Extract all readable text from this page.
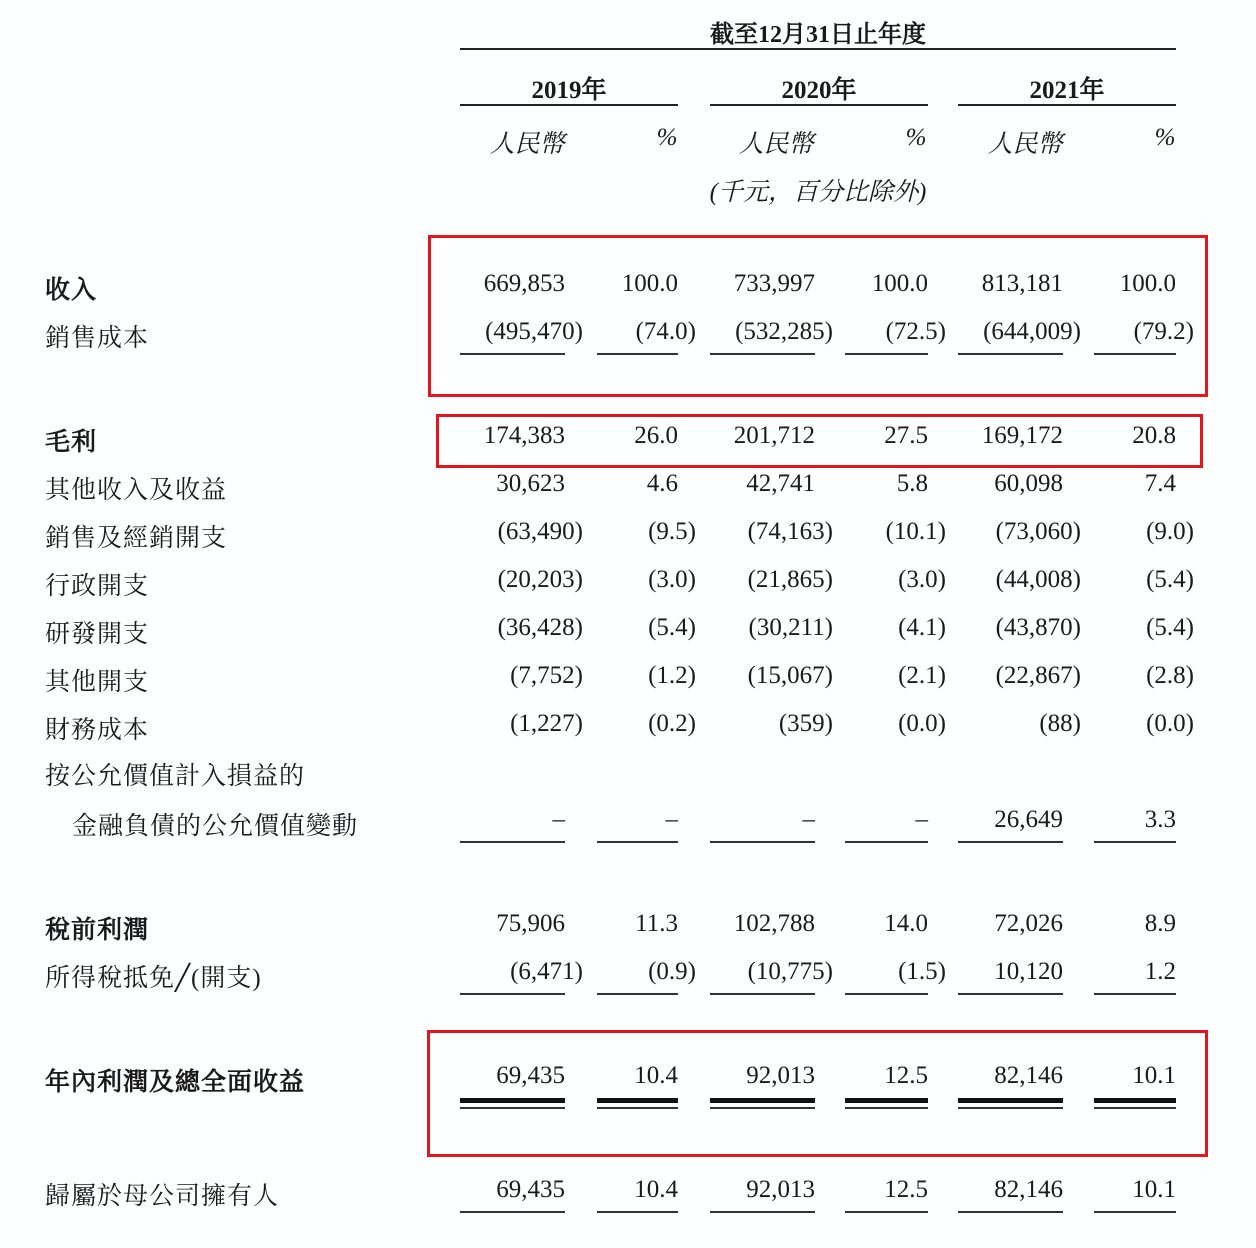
截至12月31日止年度
2019年	2020年	2021年
人民幣	%	人民幣	%	人民幣	%
(千元，百分比除外)
收入	669,853 100.0 733,997 100.0 813,181 100.0
銷售成本	(495,470) (74.0) (532,285) (72.5) (644,009) (79.2)
毛利	174,383	26.0 201,712	27.5 169,172	20.8
其他收入及收益	30,623	4.6	42,741	5.8	60,098	7.4
銷售及經銷開支	(63,490)	(9.5) (74,163) (10.1) (73,060)	(9.0)
行政開支	(20,203)	(3.0) (21,865)	(3.0) (44,008)	(5.4)
研發開支	(36,428)	(5.4) (30,211)	(4.1) (43,870)	(5.4)
其他開支	(7,752)	(1.2) (15,067)	(2.1) (22,867)	(2.8)
財務成本	(1,227)	(0.2)	(359)	(0.0)	(88)	(0.0)
按公允價值計入損益的
金融負債的公允價值變動	–	–	–	–	26,649	3.3
稅前利潤	75,906	11.3 102,788	14.0	72,026	8.9
所得稅抵免╱(開支)	(6,471)	(0.9) (10,775)	(1.5) 10,120	1.2
年內利潤及總全面收益	69,435	10.4	92,013	12.5	82,146	10.1
歸屬於母公司擁有人	69,435	10.4	92,013	12.5	82,146	10.1
